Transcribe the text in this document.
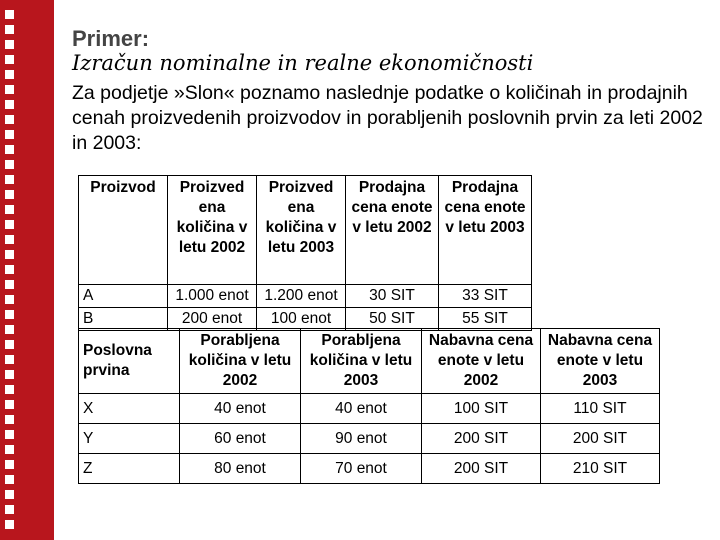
Primer:
Izračun nominalne in realne ekonomičnosti
Za podjetje »Slon« poznamo naslednje podatke o količinah in prodajnih cenah proizvedenih proizvodov in porabljenih poslovnih prvin za leti 2002 in 2003:
Proizvod	Proizved ena količina v letu 2002	Proizved ena količina v letu 2003	Prodajna cena enote v letu 2002	Prodajna cena enote v letu 2003
A	1.000 enot	1.200 enot	30 SIT	33 SIT
B	200 enot	100 enot	50 SIT	55 SIT
Poslovna prvina	Porabljena količina v letu 2002	Porabljena količina v letu 2003	Nabavna cena enote v letu 2002	Nabavna cena enote v letu 2003
X	40 enot	40 enot	100 SIT	110 SIT
Y	60 enot	90 enot	200 SIT	200 SIT
Z	80 enot	70 enot	200 SIT	210 SIT
